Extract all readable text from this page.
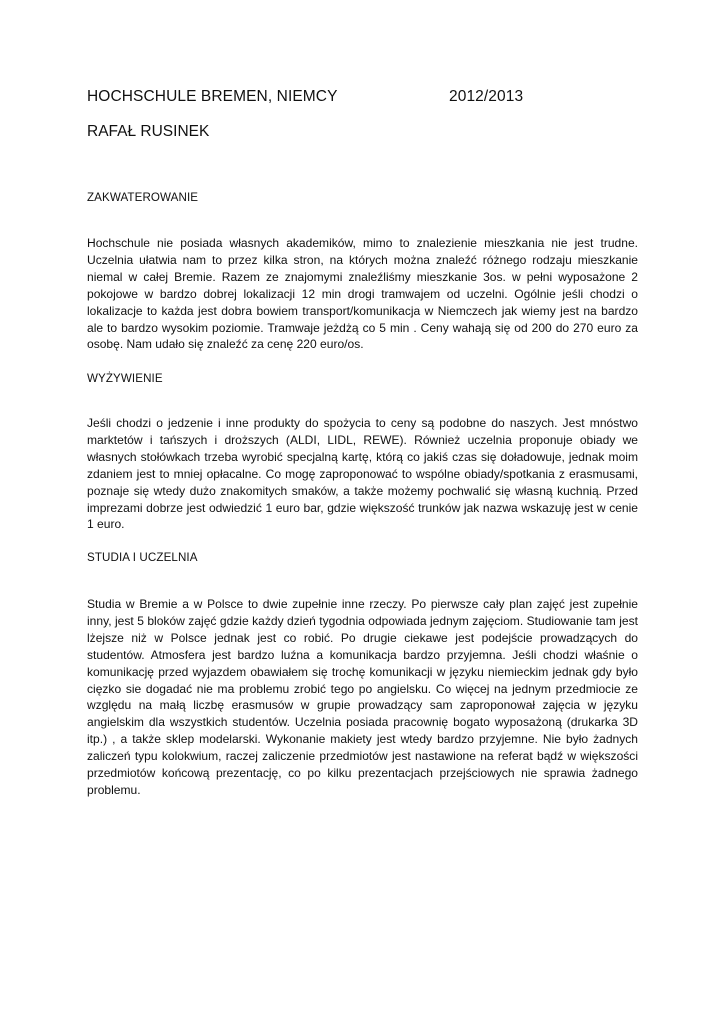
HOCHSCHULE BREMEN, NIEMCY	2012/2013
RAFAŁ RUSINEK
ZAKWATEROWANIE
Hochschule nie posiada własnych akademików, mimo to znalezienie mieszkania nie jest trudne. Uczelnia ułatwia nam to przez kilka stron, na których można znaleźć różnego rodzaju mieszkanie niemal w całej Bremie. Razem ze znajomymi znaleźliśmy mieszkanie 3os. w pełni wyposażone 2 pokojowe w bardzo dobrej lokalizacji 12 min drogi tramwajem od uczelni. Ogólnie jeśli chodzi o lokalizacje to każda jest dobra bowiem transport/komunikacja w Niemczech jak wiemy jest na bardzo ale to bardzo wysokim poziomie. Tramwaje jeżdżą co 5 min . Ceny wahają się od 200 do 270 euro za osobę. Nam udało się znaleźć za cenę 220 euro/os.
WYŻYWIENIE
Jeśli chodzi o jedzenie i inne produkty do spożycia to ceny są podobne do naszych. Jest mnóstwo marktetów i tańszych i droższych (ALDI, LIDL, REWE). Również uczelnia proponuje obiady we własnych stołówkach trzeba wyrobić specjalną kartę, którą co jakiś czas się doładowuje, jednak moim zdaniem jest to mniej opłacalne. Co mogę zaproponować to wspólne obiady/spotkania z erasmusami, poznaje się wtedy dużo znakomitych smaków, a także możemy pochwalić się własną kuchnią. Przed imprezami dobrze jest odwiedzić 1 euro bar, gdzie większość trunków jak nazwa wskazuję jest w cenie 1 euro.
STUDIA I UCZELNIA
Studia w Bremie a w Polsce to dwie zupełnie inne rzeczy. Po pierwsze cały plan zajęć jest zupełnie inny, jest 5 bloków zajęć gdzie każdy dzień tygodnia odpowiada jednym zajęciom. Studiowanie tam jest lżejsze niż w Polsce jednak jest co robić. Po drugie ciekawe jest podejście prowadzących do studentów. Atmosfera jest bardzo luźna a komunikacja bardzo przyjemna. Jeśli chodzi właśnie o komunikację przed wyjazdem obawiałem się trochę komunikacji w języku niemieckim jednak gdy było cięzko sie dogadać nie ma problemu zrobić tego po angielsku. Co więcej na jednym przedmiocie ze względu na małą liczbę erasmusów w grupie prowadzący sam zaproponował zajęcia w języku angielskim dla wszystkich studentów. Uczelnia posiada pracownię bogato wyposażoną (drukarka 3D itp.) , a także sklep modelarski. Wykonanie makiety jest wtedy bardzo przyjemne. Nie było żadnych zaliczeń typu kolokwium, raczej zaliczenie przedmiotów jest nastawione na referat bądź w większości przedmiotów końcową prezentację, co po kilku prezentacjach przejściowych nie sprawia żadnego problemu.
